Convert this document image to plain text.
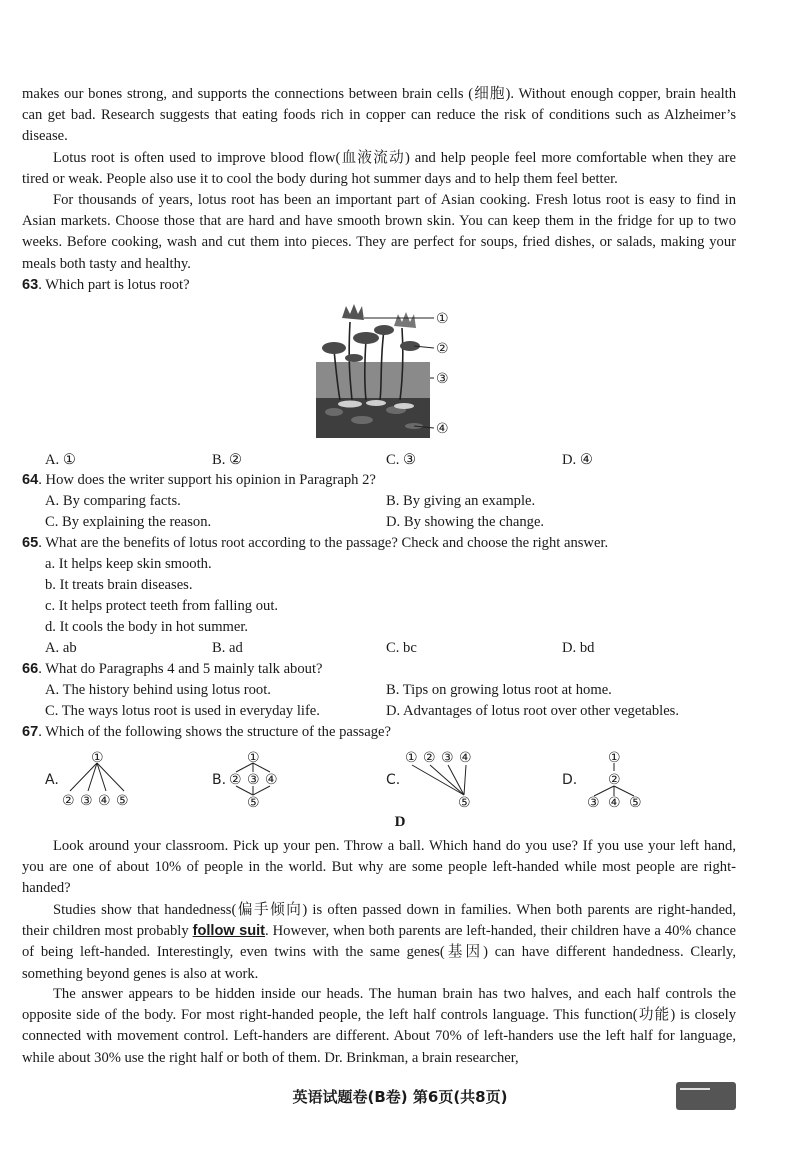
makes our bones strong, and supports the connections between brain cells (细胞). Without enough copper, brain health can get bad. Research suggests that eating foods rich in copper can reduce the risk of conditions such as Alzheimer’s disease.

Lotus root is often used to improve blood flow(血液流动) and help people feel more comfortable when they are tired or weak. People also use it to cool the body during hot summer days and to help them feel better.

For thousands of years, lotus root has been an important part of Asian cooking. Fresh lotus root is easy to find in Asian markets. Choose those that are hard and have smooth brown skin. You can keep them in the fridge for up to two weeks. Before cooking, wash and cut them into pieces. They are perfect for soups, fried dishes, or salads, making your meals both tasty and healthy.

63. Which part is lotus root?

①
②
③
④
A. ①	B. ②	C. ③	D. ④

64. How does the writer support his opinion in Paragraph 2?

A. By comparing facts.	B. By giving an example.
C. By explaining the reason.	D. By showing the change.

65. What are the benefits of lotus root according to the passage? Check and choose the right answer.

a. It helps keep skin smooth.
b. It treats brain diseases.
c. It helps protect teeth from falling out.
d. It cools the body in hot summer.
A. ab	B. ad	C. bc	D. bd

66. What do Paragraphs 4 and 5 mainly talk about?

A. The history behind using lotus root.	B. Tips on growing lotus root at home.
C. The ways lotus root is used in everyday life.	D. Advantages of lotus root over other vegetables.

67. Which of the following shows the structure of the passage?

A.
①
② ③ ④ ⑤
B.
①
② ③ ④
⑤
C.
① ② ③ ④
⑤
D.
①
②
③ ④ ⑤
D

Look around your classroom. Pick up your pen. Throw a ball. Which hand do you use? If you use your left hand, you are one of about 10% of people in the world. But why are some people left-handed while most people are right-handed?

Studies show that handedness(偏手倾向) is often passed down in families. When both parents are right-handed, their children most probably follow suit. However, when both parents are left-handed, their children have a 40% chance of being left-handed. Interestingly, even twins with the same genes(基因) can have different handedness. Clearly, something beyond genes is also at work.

The answer appears to be hidden inside our heads. The human brain has two halves, and each half controls the opposite side of the body. For most right-handed people, the left half controls language. This function(功能) is closely connected with movement control. Left-handers are different. About 70% of left-handers use the left half for language, while about 30% use the right half or both of them. Dr. Brinkman, a brain researcher,

英语试题卷(B卷) 第6页(共8页)
